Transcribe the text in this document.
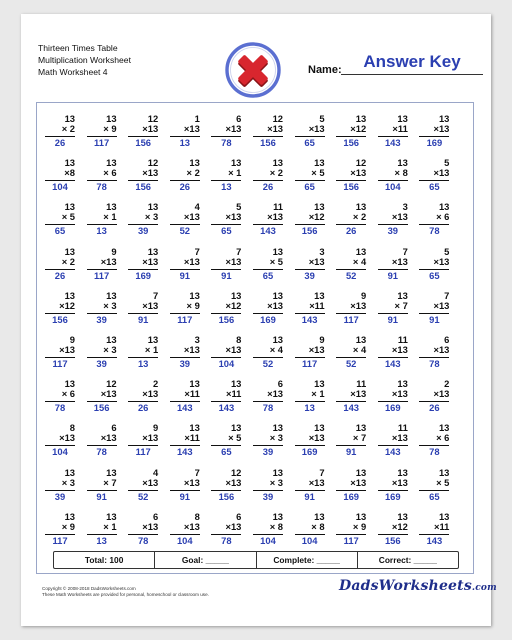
Thirteen Times Table
Multiplication Worksheet
Math Worksheet 4	Name:	Answer Key
13
× 2
26
13
× 9
117
12
×13
156
1
×13
13
6
×13
78
12
×13
156
5
×13
65
13
×12
156
13
×11
143
13
×13
169
13
×8
104
13
× 6
78
12
×13
156
13
× 2
26
13
× 1
13
13
× 2
26
13
× 5
65
12
×13
156
13
× 8
104
5
×13
65
13
× 5
65
13
× 1
13
13
× 3
39
4
×13
52
5
×13
65
11
×13
143
13
×12
156
13
× 2
26
3
×13
39
13
× 6
78
13
× 2
26
9
×13
117
13
×13
169
7
×13
91
7
×13
91
13
× 5
65
3
×13
39
13
× 4
52
7
×13
91
5
×13
65
13
×12
156
13
× 3
39
7
×13
91
13
× 9
117
13
×12
156
13
×13
169
13
×11
143
9
×13
117
13
× 7
91
7
×13
91
9
×13
117
13
× 3
39
13
× 1
13
3
×13
39
8
×13
104
13
× 4
52
9
×13
117
13
× 4
52
11
×13
143
6
×13
78
13
× 6
78
12
×13
156
2
×13
26
13
×11
143
13
×11
143
6
×13
78
13
× 1
13
11
×13
143
13
×13
169
2
×13
26
8
×13
104
6
×13
78
9
×13
117
13
×11
143
13
× 5
65
13
× 3
39
13
×13
169
13
× 7
91
11
×13
143
13
× 6
78
13
× 3
39
13
× 7
91
4
×13
52
7
×13
91
12
×13
156
13
× 3
39
7
×13
91
13
×13
169
13
×13
169
13
× 5
65
13
× 9
117
13
× 1
13
6
×13
78
8
×13
104
6
×13
78
13
× 8
104
13
× 8
104
13
× 9
117
13
×12
156
13
×11
143
Total: 100	Goal: _____	Complete: _____	Correct: _____
Copyright © 2008-2018 DadsWorksheets.com
These Math Worksheets are provided for personal, homeschool or classroom use.
DadsWorksheets.com
